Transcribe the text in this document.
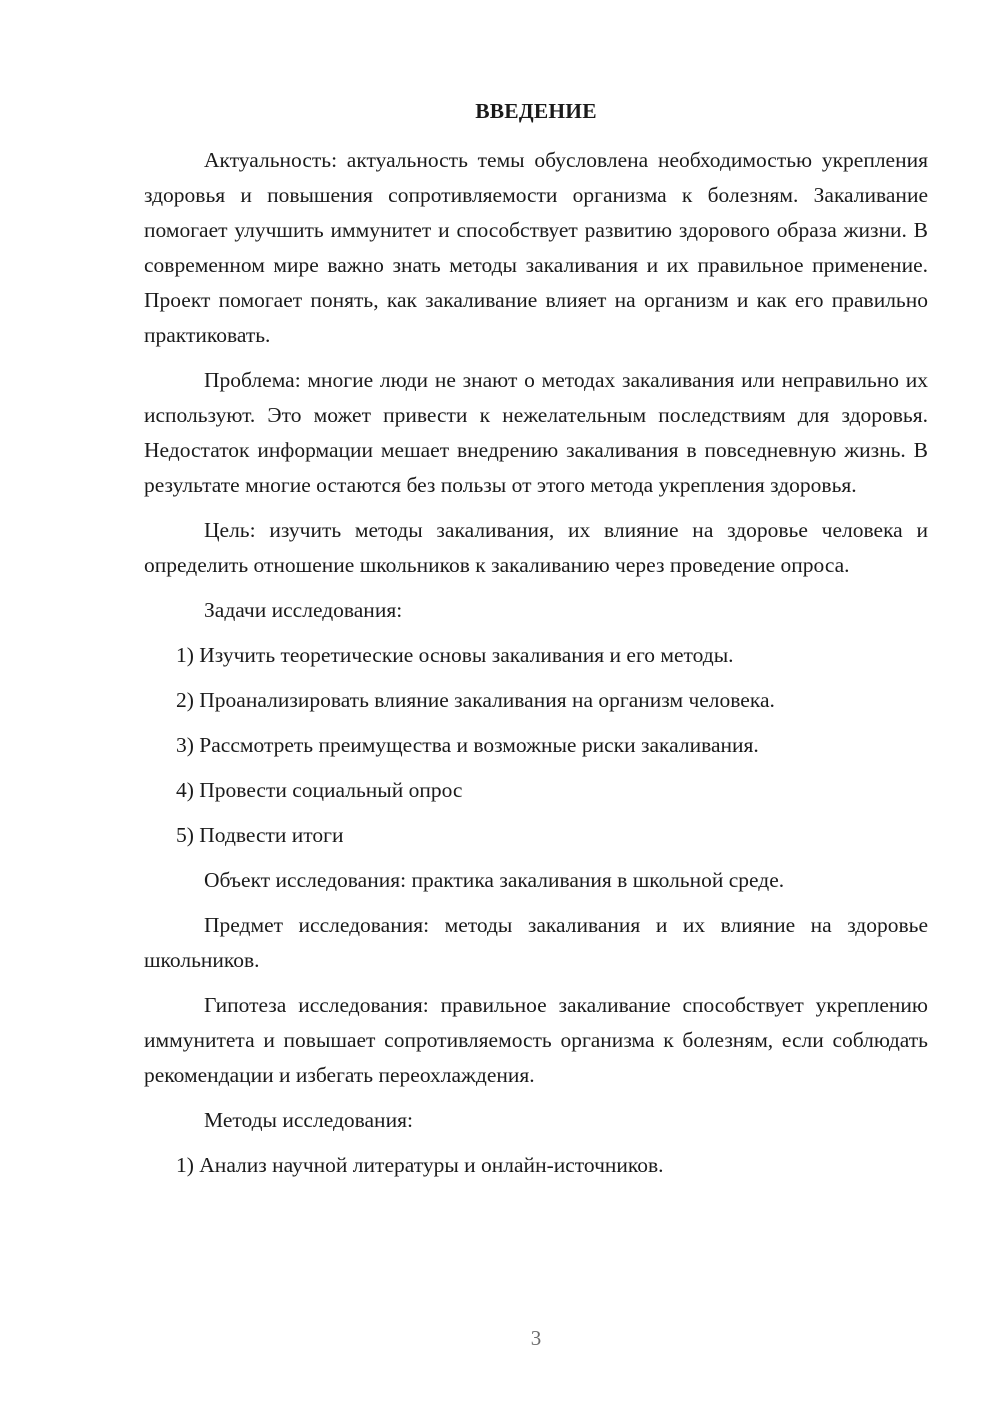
ВВЕДЕНИЕ

Актуальность: актуальность темы обусловлена необходимостью укрепления здоровья и повышения сопротивляемости организма к болезням. Закаливание помогает улучшить иммунитет и способствует развитию здорового образа жизни. В современном мире важно знать методы закаливания и их правильное применение. Проект помогает понять, как закаливание влияет на организм и как его правильно практиковать.

Проблема: многие люди не знают о методах закаливания или неправильно их используют. Это может привести к нежелательным последствиям для здоровья. Недостаток информации мешает внедрению закаливания в повседневную жизнь. В результате многие остаются без пользы от этого метода укрепления здоровья.

Цель: изучить методы закаливания, их влияние на здоровье человека и определить отношение школьников к закаливанию через проведение опроса.

Задачи исследования:

1) Изучить теоретические основы закаливания и его методы.
2) Проанализировать влияние закаливания на организм человека.
3) Рассмотреть преимущества и возможные риски закаливания.
4) Провести социальный опрос
5) Подвести итоги

Объект исследования: практика закаливания в школьной среде.

Предмет исследования: методы закаливания и их влияние на здоровье школьников.

Гипотеза исследования: правильное закаливание способствует укреплению иммунитета и повышает сопротивляемость организма к болезням, если соблюдать рекомендации и избегать переохлаждения.

Методы исследования:

1) Анализ научной литературы и онлайн-источников.
3
